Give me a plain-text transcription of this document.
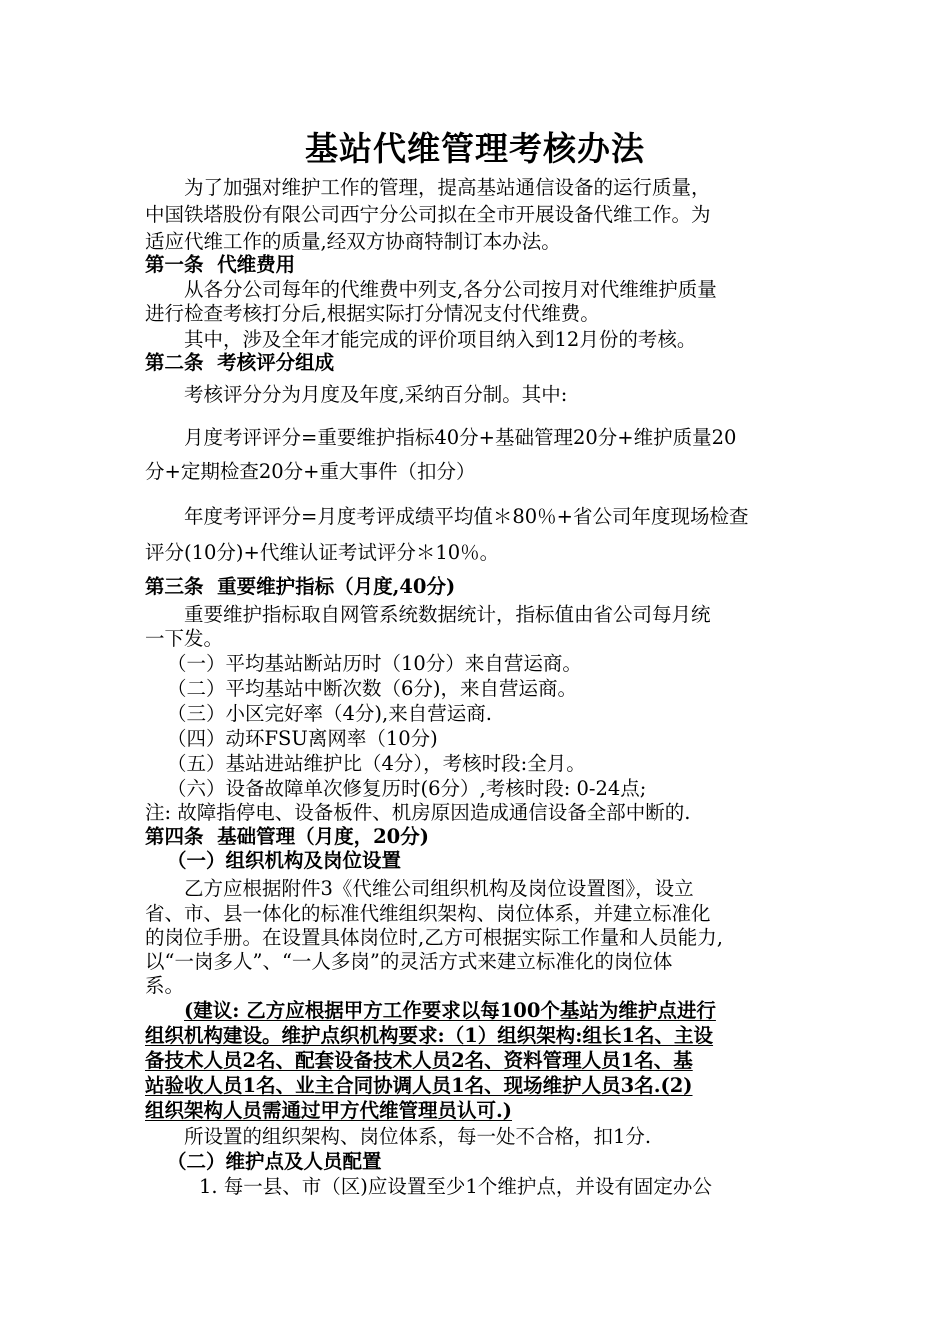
基站代维管理考核办法
为了加强对维护工作的管理，提高基站通信设备的运行质量，
中国铁塔股份有限公司西宁分公司拟在全市开展设备代维工作。为
适应代维工作的质量,经双方协商特制订本办法。
第一条  代维费用
从各分公司每年的代维费中列支,各分公司按月对代维维护质量
进行检查考核打分后,根据实际打分情况支付代维费。
其中，涉及全年才能完成的评价项目纳入到12月份的考核。
第二条  考核评分组成
考核评分分为月度及年度,采纳百分制。其中:
月度考评评分=重要维护指标40分+基础管理20分+维护质量20
分+定期检查20分+重大事件（扣分）
年度考评评分=月度考评成绩平均值＊80％+省公司年度现场检查
评分(10分)+代维认证考试评分＊10％。
第三条  重要维护指标（月度,40分)
重要维护指标取自网管系统数据统计，指标值由省公司每月统
一下发。
（一）平均基站断站历时（10分）来自营运商。
（二）平均基站中断次数（6分)，来自营运商。
（三）小区完好率（4分),来自营运商.
（四）动环FSU离网率（10分)
（五）基站进站维护比（4分），考核时段:全月。
（六）设备故障单次修复历时(6分）,考核时段: 0-24点;
注: 故障指停电、设备板件、机房原因造成通信设备全部中断的.
第四条  基础管理（月度，20分)
（一）组织机构及岗位设置
乙方应根据附件3《代维公司组织机构及岗位设置图》，设立
省、市、县一体化的标准代维组织架构、岗位体系，并建立标准化
的岗位手册。在设置具体岗位时,乙方可根据实际工作量和人员能力,
以“一岗多人”、“一人多岗”的灵活方式来建立标准化的岗位体
系。
(建议: 乙方应根据甲方工作要求以每100个基站为维护点进行
组织机构建设。维护点织机构要求:（1）组织架构:组长1名、主设
备技术人员2名、配套设备技术人员2名、资料管理人员1名、基
站验收人员1名、业主合同协调人员1名、现场维护人员3名.(2)
组织架构人员需通过甲方代维管理员认可.)
所设置的组织架构、岗位体系，每一处不合格，扣1分.
（二）维护点及人员配置
1. 每一县、市（区)应设置至少1个维护点，并设有固定办公
